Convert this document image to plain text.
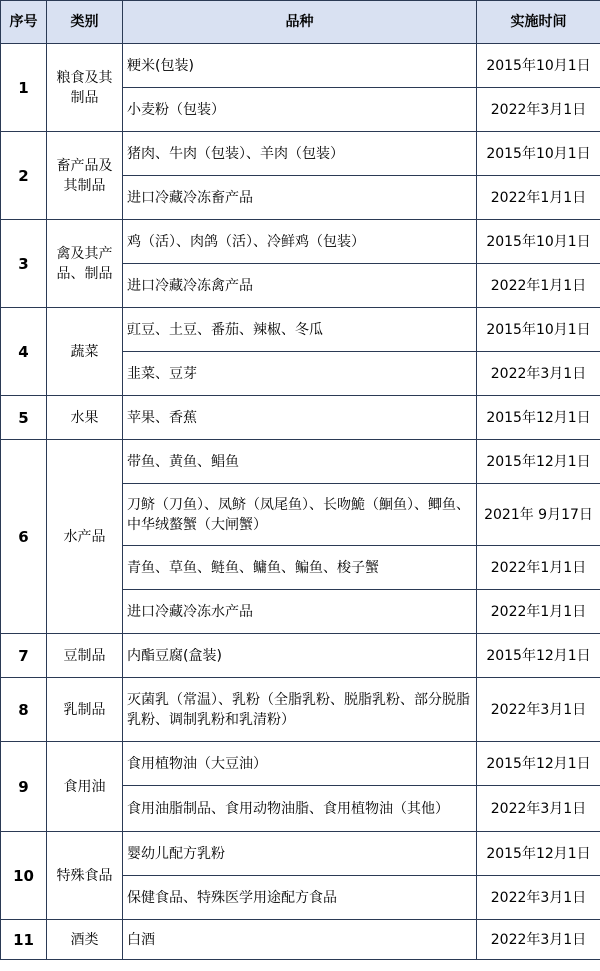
序号	类别	品种	实施时间
1	粮食及其制品	粳米(包装)	2015年10月1日
		小麦粉（包装）	2022年3月1日
2	畜产品及其制品	猪肉、牛肉（包装）、羊肉（包装）	2015年10月1日
		进口冷藏冷冻畜产品	2022年1月1日
3	禽及其产品、制品	鸡（活）、肉鸽（活）、冷鲜鸡（包装）	2015年10月1日
		进口冷藏冷冻禽产品	2022年1月1日
4	蔬菜	豇豆、土豆、番茄、辣椒、冬瓜	2015年10月1日
		韭菜、豆芽	2022年3月1日
5	水果	苹果、香蕉	2015年12月1日
6	水产品	带鱼、黄鱼、鲳鱼	2015年12月1日
		刀鲚（刀鱼）、凤鲚（凤尾鱼）、长吻鮠（鮰鱼）、鲫鱼、中华绒螯蟹（大闸蟹）	2021年 9月17日
		青鱼、草鱼、鲢鱼、鳙鱼、鳊鱼、梭子蟹	2022年1月1日
		进口冷藏冷冻水产品	2022年1月1日
7	豆制品	内酯豆腐(盒装)	2015年12月1日
8	乳制品	灭菌乳（常温）、乳粉（全脂乳粉、脱脂乳粉、部分脱脂乳粉、调制乳粉和乳清粉）	2022年3月1日
9	食用油	食用植物油（大豆油）	2015年12月1日
		食用油脂制品、食用动物油脂、食用植物油（其他）	2022年3月1日
10	特殊食品	婴幼儿配方乳粉	2015年12月1日
		保健食品、特殊医学用途配方食品	2022年3月1日
11	酒类	白酒	2022年3月1日
